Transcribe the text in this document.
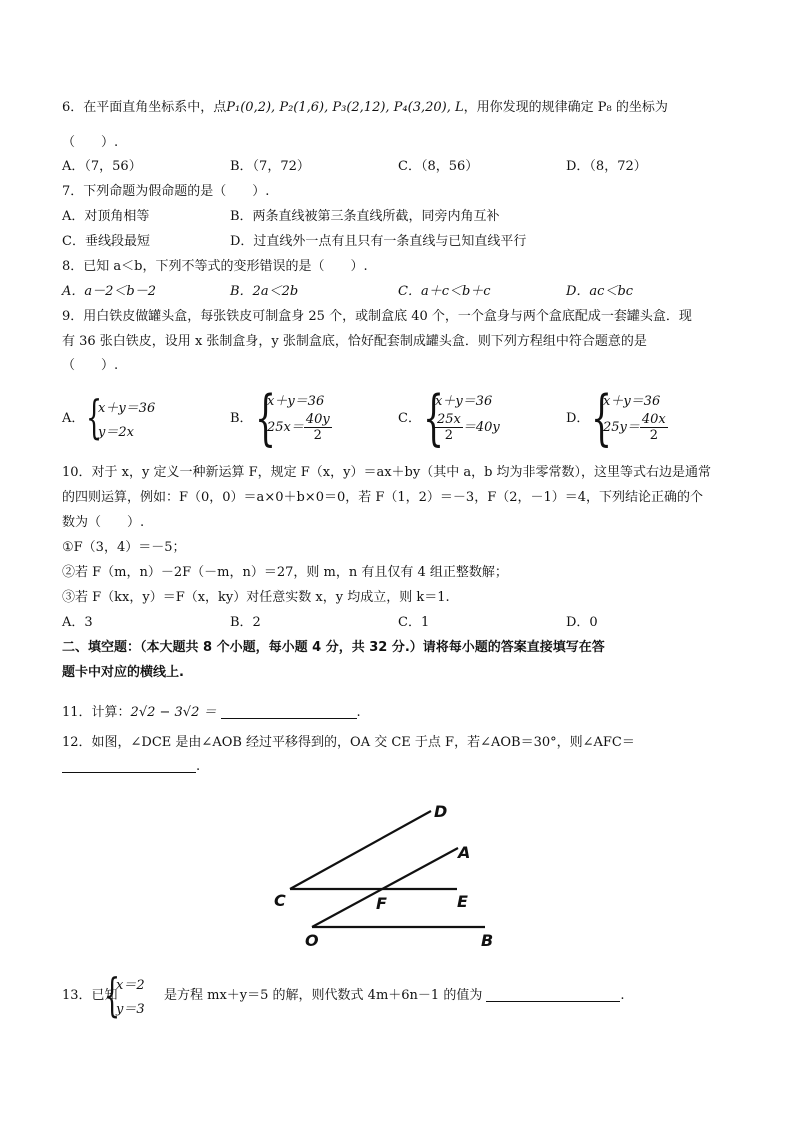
6．在平面直角坐标系中，点P₁(0,2), P₂(1,6), P₃(2,12), P₄(3,20), L，用你发现的规律确定 P₈ 的坐标为
（　　）.
A．（7，56）	B．（7，72）	C．（8，56）	D．（8，72）
7．下列命题为假命题的是（　　）.
A．对顶角相等	B．两条直线被第三条直线所截，同旁内角互补
C．垂线段最短	D．过直线外一点有且只有一条直线与已知直线平行
8．已知 a＜b，下列不等式的变形错误的是（　　）.
A．a－2＜b－2	B．2a＜2b	C．a＋c＜b＋c	D．ac＜bc
9．用白铁皮做罐头盒，每张铁皮可制盒身 25 个，或制盒底 40 个，一个盒身与两个盒底配成一套罐头盒．现
有 36 张白铁皮，设用 x 张制盒身，y 张制盒底，恰好配套制成罐头盒．则下列方程组中符合题意的是
（　　）.
A． {
x＋y＝36
y＝2x
B． {
x＋y＝36
$25x= \frac{40y}{2}$	C． {
x＋y＝36
$\frac{25x}{2} =40y$
D． {
x＋y＝36
$25y= \frac{40x}{2}$
10．对于 x，y 定义一种新运算 F，规定 F（x，y）＝ax＋by（其中 a，b 均为非零常数），这里等式右边是通常
的四则运算，例如：F（0，0）＝a×0＋b×0＝0，若 F（1，2）＝－3，F（2，－1）＝4，下列结论正确的个
数为（　　）.
①F（3，4）＝－5；
②若 F（m，n）－2F（－m，n）＝27，则 m，n 有且仅有 4 组正整数解；
③若 F（kx，y）＝F（x，ky）对任意实数 x，y 均成立，则 k＝1.
A．3	B．2	C．1	D．0
二、填空题：（本大题共 8 个小题，每小题 4 分，共 32 分.）请将每小题的答案直接填写在答
题卡中对应的横线上.
11．计算：2√2 − 3√2 ＝	.
12．如图，∠DCE 是由∠AOB 经过平移得到的，OA 交 CE 于点 F，若∠AOB＝30°，则∠AFC＝
.
D
A
C	F	E
O	B
13．已知
{
x＝2
y＝3
是方程 mx＋y＝5 的解，则代数式 4m＋6n－1 的值为	.
